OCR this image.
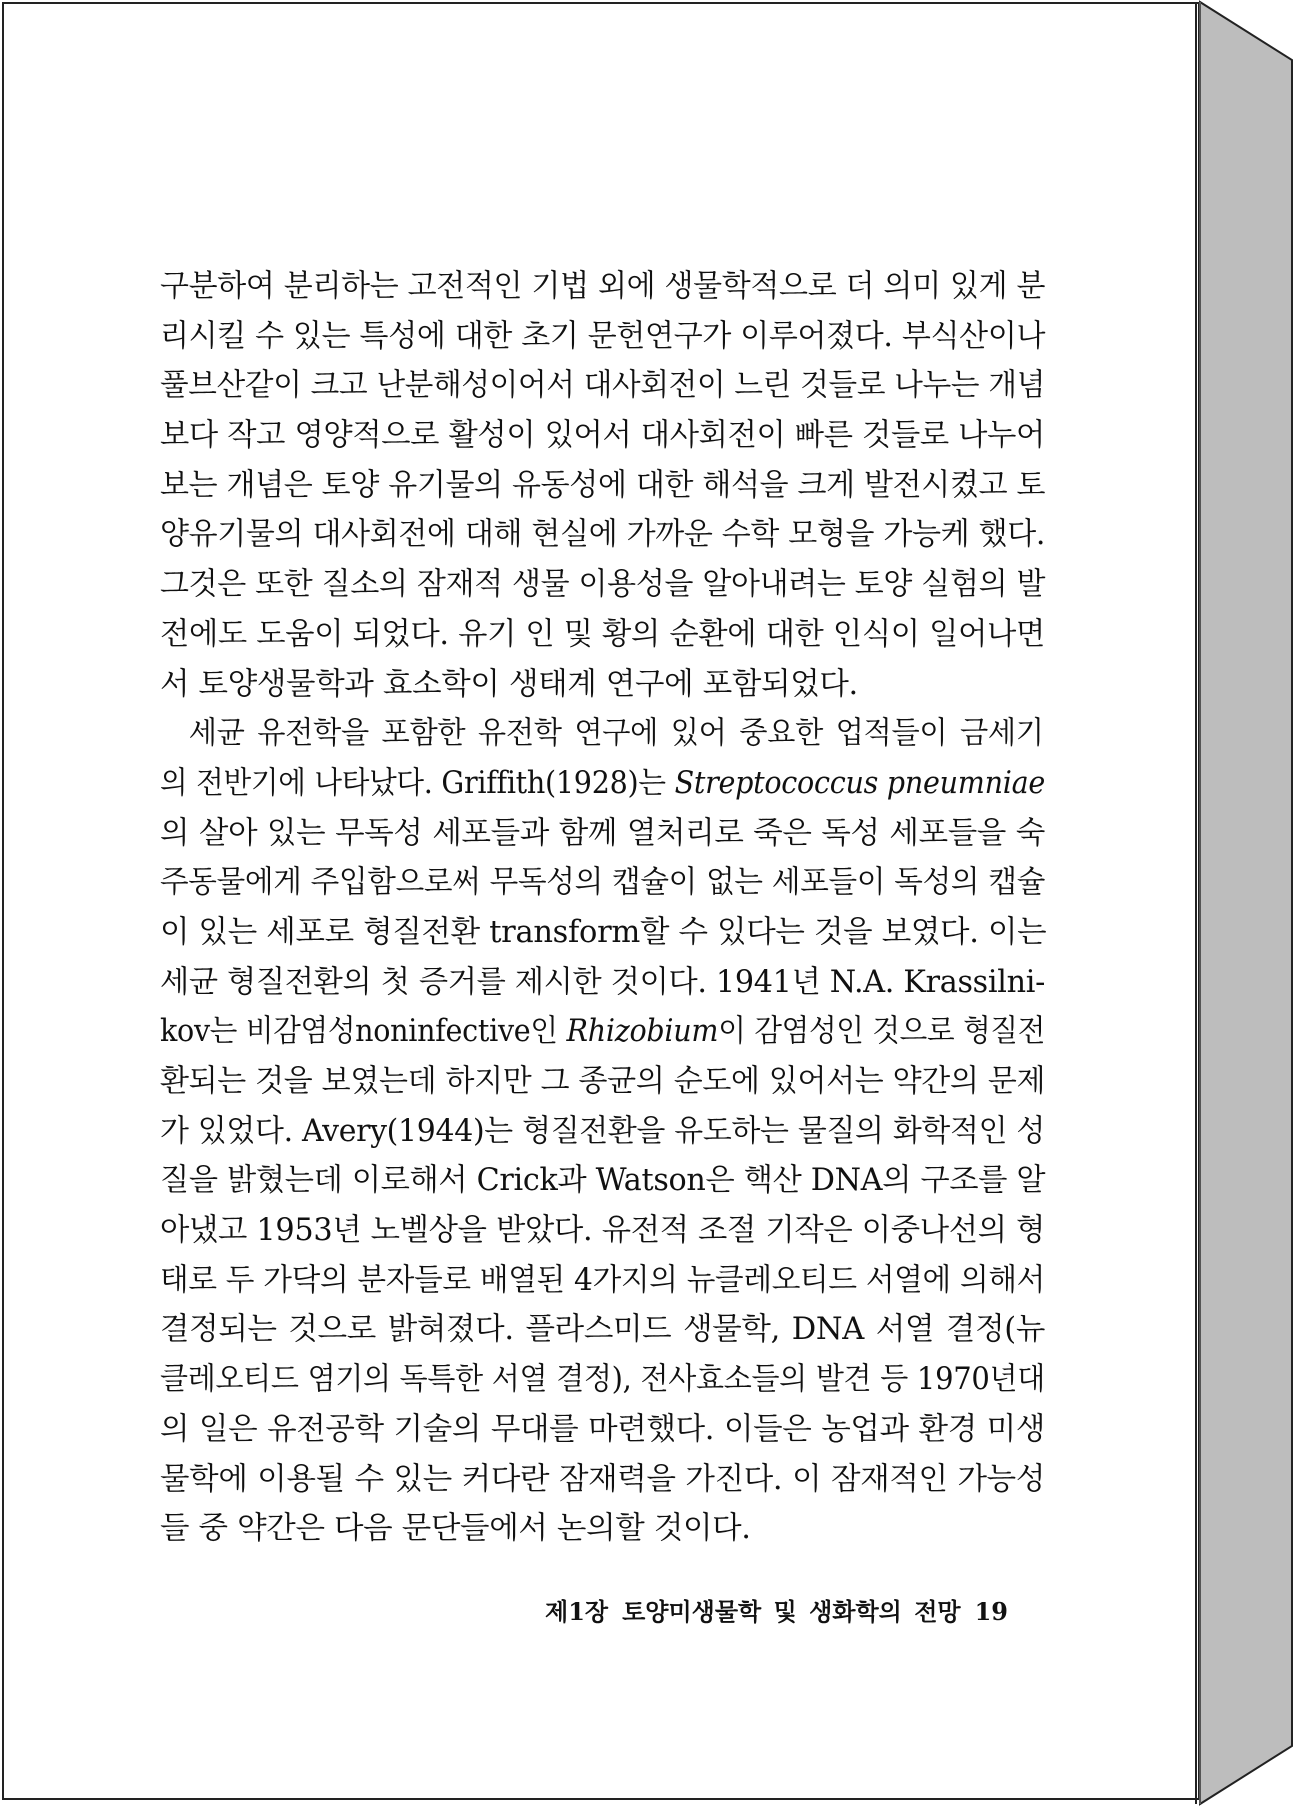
구분하여 분리하는 고전적인 기법 외에 생물학적으로 더 의미 있게 분
리시킬 수 있는 특성에 대한 초기 문헌연구가 이루어졌다. 부식산이나
풀브산같이 크고 난분해성이어서 대사회전이 느린 것들로 나누는 개념
보다 작고 영양적으로 활성이 있어서 대사회전이 빠른 것들로 나누어
보는 개념은 토양 유기물의 유동성에 대한 해석을 크게 발전시켰고 토
양유기물의 대사회전에 대해 현실에 가까운 수학 모형을 가능케 했다.
그것은 또한 질소의 잠재적 생물 이용성을 알아내려는 토양 실험의 발
전에도 도움이 되었다. 유기 인 및 황의 순환에 대한 인식이 일어나면
서 토양생물학과 효소학이 생태계 연구에 포함되었다.
세균 유전학을 포함한 유전학 연구에 있어 중요한 업적들이 금세기
의 전반기에 나타났다. Griffith(1928)는 Streptococcus pneumniae
의 살아 있는 무독성 세포들과 함께 열처리로 죽은 독성 세포들을 숙
주동물에게 주입함으로써 무독성의 캡슐이 없는 세포들이 독성의 캡슐
이 있는 세포로 형질전환 transform할 수 있다는 것을 보였다. 이는
세균 형질전환의 첫 증거를 제시한 것이다. 1941년 N.A. Krassilni-
kov는 비감염성noninfective인 Rhizobium이 감염성인 것으로 형질전
환되는 것을 보였는데 하지만 그 종균의 순도에 있어서는 약간의 문제
가 있었다. Avery(1944)는 형질전환을 유도하는 물질의 화학적인 성
질을 밝혔는데 이로해서 Crick과 Watson은 핵산 DNA의 구조를 알
아냈고 1953년 노벨상을 받았다. 유전적 조절 기작은 이중나선의 형
태로 두 가닥의 분자들로 배열된 4가지의 뉴클레오티드 서열에 의해서
결정되는 것으로 밝혀졌다. 플라스미드 생물학, DNA 서열 결정(뉴
클레오티드 염기의 독특한 서열 결정), 전사효소들의 발견 등 1970년대
의 일은 유전공학 기술의 무대를 마련했다. 이들은 농업과 환경 미생
물학에 이용될 수 있는 커다란 잠재력을 가진다. 이 잠재적인 가능성
들 중 약간은 다음 문단들에서 논의할 것이다.
제1장 토양미생물학 및 생화학의 전망 19
